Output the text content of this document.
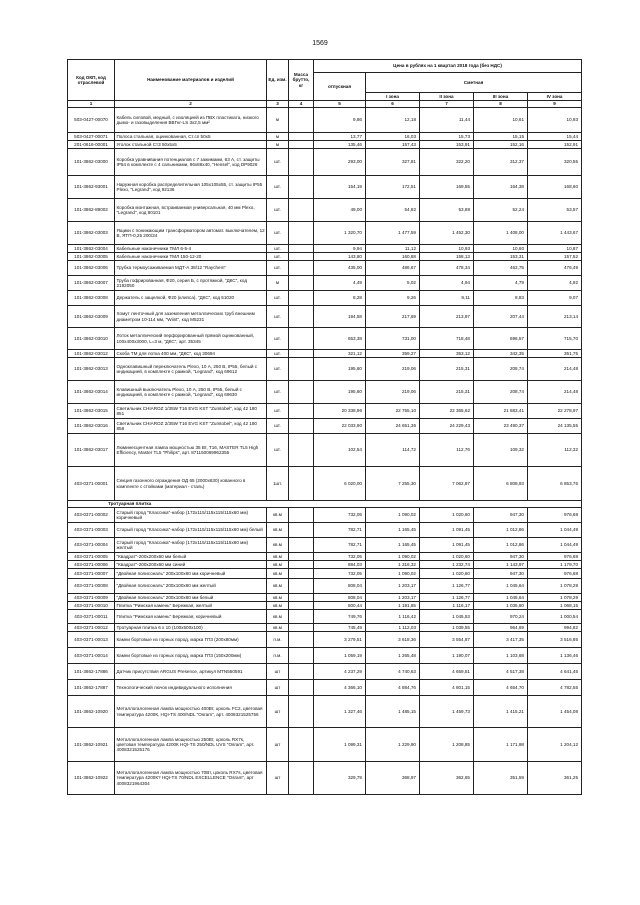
1569
Код ОКП, код отраслевой	Наименование материалов и изделий	Ед. изм.	Масса брутто, кг	Цена в рублях на 1 квартал 2018 года (без НДС)				
				отпускная	Сметная			
					I зона	II зона	III зона	IV зона
1	2	3	4	5	6	7	8	9
503-0427-00070	Кабель силовой, медный, с изоляцией из ПВХ пластиката, низкого дымо- и газовыделения ВВГнг-LS 3х2,5 мм²	м		9,86	12,18	11,44	10,61	10,93
503-0427-00071	Полоса стальная, оцинкованная, Ст.сп 50х5	м		13,77	16,03	15,73	15,15	15,44
201-0616-00001	Уголок стальной Ст3 50х5х5	м		135,46	157,43	153,91	152,16	152,91
101-3862-03000	Коробка уравнивания потенциалов с 7 зажимами, 63 А, ст. защиты IP54 в комплекте с 4 сальниками, 86х86х40, "Hensel", код DP9026	шт.		293,00	327,81	322,20	312,37	320,55
101-3862-93001	Наружная коробка распределительная 105х105х55, ст. защиты IP55 Plexo, "Legrand", код 92136	шт.		154,19	172,51	169,55	164,38	168,60
101-3862-89002	Коробка монтажная, встраиваемая универсальная, 40 мм Plexo, "Legrand", код 80101	шт.		49,00	54,82	53,88	52,24	53,57
101-3862-03003	Ящики с понижающим трансформатором автомат. выключателем, 12 В, ЯТП-0,25 200/24	шт.		1 320,70	1 477,59	1 452,30	1 408,00	1 443,67
101-3862-03004	Кабельные наконечники ТМЛ 6-5-4	шт.		9,94	11,12	10,93	10,60	10,87
101-3862-03005	Кабельные наконечники ТМЛ 150-12-20	шт.		143,80	160,88	158,13	153,31	157,52
101-3862-03006	Трубка термоусаживаемая МДТ-А 38/12 "Raychem"	шт.		435,00	486,67	478,34	463,75	476,49
101-3862-03007	Труба гофрированная, Ф20, серия Б, с протяжкой, "ДКС", код 2192050	м		4,49	5,02	4,94	4,79	4,92
101-3862-03008	Держатель с защелкой, Ф20 (клипса), "ДКС", код 51020	шт.		8,28	9,26	9,11	8,83	9,07
101-3862-03009	Хомут ленточный для заземления металлических труб внешним диаметром 10-114 мм, "Wiint", код M5231	шт.		194,58	217,69	213,97	207,44	213,14
101-3862-03010	Лоток металлический перфорированный прямой оцинкованный, 100х400х3000, L=3 м, "ДКС", арт. 35345	шт.		653,38	731,00	718,48	696,57	715,70
101-3862-03012	Скоба ТМ для лотка 400 мм, "ДКС", код 30694	шт.		321,12	359,27	353,12	342,35	351,75
101-3862-03013	Одноклавишный переключатель Plexo, 10 А, 250 В, IP55, белый с индикацией, в комплекте с рамкой, "Legrand", код 69612	шт.		195,60	219,06	215,31	208,74	214,48
101-3862-03014	Клавишный выключатель Plexo, 10 А, 250 В, IP55, белый с индикацией, в комплекте с рамкой, "Legrand", код 69630	шт.		195,60	219,06	215,31	208,74	214,48
101-3862-03015	Светильник CHIAROZ 1/35W T16 EVG KST "Zumtobel", код 42 180 851	шт.		20 338,96	22 755,10	22 365,62	21 683,41	22 278,97
101-3862-03016	Светильник CHIAROZ 2/35W T16 EVG KST "Zumtobel", код 42 180 858	шт.		22 033,90	24 651,36	24 229,43	23 490,37	24 135,55
101-3862-03017	Люминесцентная лампа мощностью 35 Вт, Т16, MASTER TL5 High Efficiency, Master TL5 "Philips", арт. 871150069962355	шт.		102,54	114,72	112,76	109,32	112,32
403-0371-00001	Секция газонного ограждения ОД 65 (2000х630) кованного в комплекте с стойками (материал - сталь)	1шт.		6 020,00	7 255,30	7 062,97	6 808,93	6 853,76
Тротуарная плитка								
403-0371-00002	Старый город "Классика"-набор (172х115/115х115/115х60 мм) коричневый	кв.м		732,05	1 090,02	1 020,60	947,30	976,68
403-0371-00003	Старый город "Классика"-набор (172х115/115х115/115х60 мм) белый	кв.м		782,71	1 165,45	1 091,45	1 012,86	1 044,49
403-0371-00004	Старый город "Классика"-набор (172х115/115х115/115х60 мм) желтый	кв.м		782,71	1 165,45	1 091,45	1 012,86	1 044,49
403-0371-00005	"Квадрат"-200х200х60 мм белый	кв.м		732,05	1 090,02	1 020,60	947,30	976,68
403-0371-00006	"Квадрат"-200х200х60 мм синий	кв.м		884,03	1 316,32	1 232,74	1 143,97	1 179,70
403-0371-00007	"Двойная полисональ" 200х100х60 мм коричневый	кв.м		732,05	1 090,02	1 020,60	947,30	976,68
403-0371-00008	"Двойная полисональ" 200х100х60 мм желтый	кв.м		808,04	1 203,17	1 126,77	1 045,64	1 078,29
403-0371-00009	"Двойная полисональ" 200х100х60 мм белый	кв.м		808,04	1 203,17	1 126,77	1 045,64	1 078,29
403-0371-00010	Плитка "Римская камень" Бережкая, желтый	кв.м		800,44	1 191,85	1 116,17	1 035,80	1 068,15
403-0371-00011	Плитка "Римская камень" Бережкая, коричневый	кв.м		749,76	1 116,42	1 045,53	970,24	1 000,54
403-0371-00012	Тротуарная плитка 6 х 10 (100х500х100)	кв.м		745,49	1 112,03	1 039,55	964,69	994,82
403-0371-00013	Камни бортовые из горных пород, марка ГП3 (200х80мм)	п.м.		3 279,51	3 618,36	3 554,87	3 417,35	3 516,85
403-0371-00014	Камни бортовые из горных пород, марка ГП3 (150х200мм)	п.м.		1 059,19	1 265,48	1 190,07	1 103,68	1 136,46
101-3862-17886	Датчик присутствия ARGUS Presence, артикул MTN550591	шт		4 237,29	4 740,63	4 659,51	4 517,38	4 641,45
101-3862-17887	Технологический лючок индивидуального исполнения	шт		4 366,10	4 884,76	4 801,15	4 654,70	4 782,55
101-3862-10920	Металлогалогенная лампа мощностью 400Вт, цоколь FC2, цветовая температура 4200К, HQI-TS 400/NDL "Osram", арт. 4008321525756	шт		1 327,46	1 485,15	1 459,73	1 415,21	1 454,08
101-3862-10921	Металлогалогенная лампа мощностью 250Вт, цоколь RX7s, цветовая температура 4200К HQI-TS 250/NDL UVS "Osram", арт. 4008321525176	шт		1 099,31	1 229,90	1 208,85	1 171,98	1 204,12
101-3862-10922	Металлогалогенная лампа мощностью 70Вт, цоколь RX7s, цветовая температура 4200К? HQI-TS 70/NDL EXCELLENCE "Osram", арт 4008321964304	шт		329,79	368,97	362,65	351,59	361,25
